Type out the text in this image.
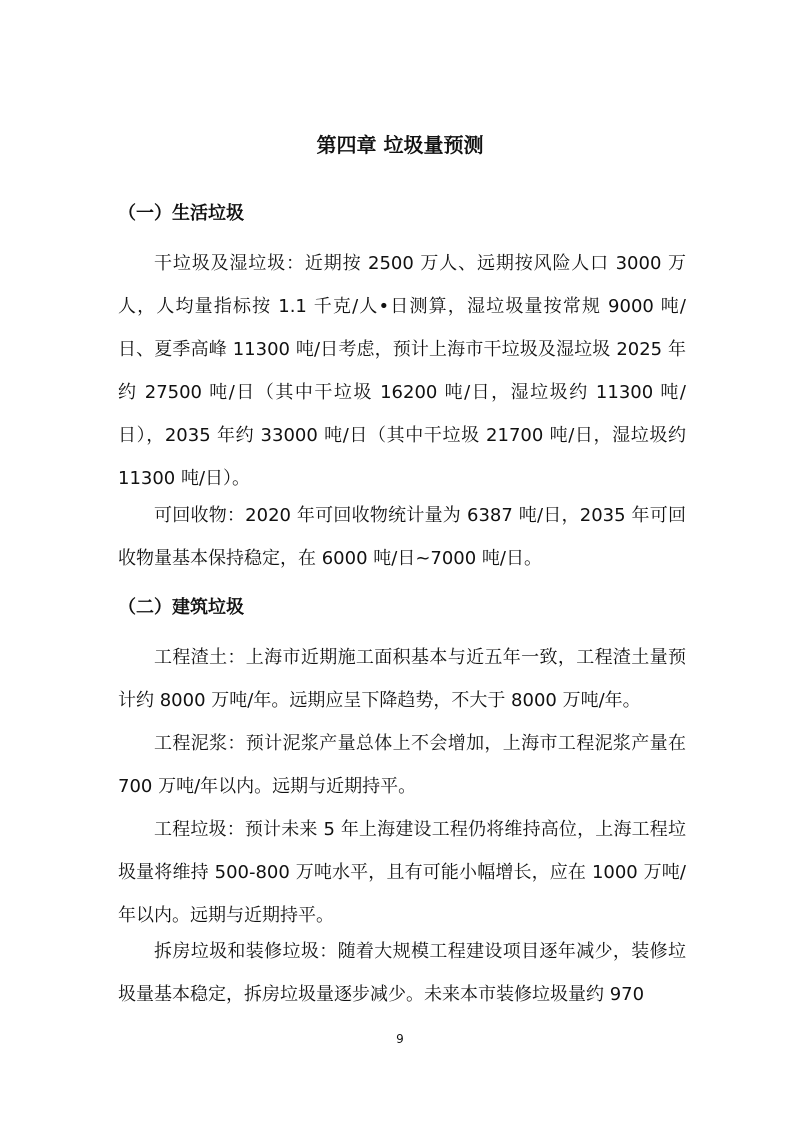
第四章 垃圾量预测
（一）生活垃圾

干垃圾及湿垃圾：近期按 2500 万人、远期按风险人口 3000 万人，人均量指标按 1.1 千克/人•日测算，湿垃圾量按常规 9000 吨/日、夏季高峰 11300 吨/日考虑，预计上海市干垃圾及湿垃圾 2025 年约 27500 吨/日（其中干垃圾 16200 吨/日，湿垃圾约 11300 吨/日），2035 年约 33000 吨/日（其中干垃圾 21700 吨/日，湿垃圾约 11300 吨/日）。

可回收物：2020 年可回收物统计量为 6387 吨/日，2035 年可回收物量基本保持稳定，在 6000 吨/日~7000 吨/日。

（二）建筑垃圾

工程渣土：上海市近期施工面积基本与近五年一致，工程渣土量预计约 8000 万吨/年。远期应呈下降趋势，不大于 8000 万吨/年。

工程泥浆：预计泥浆产量总体上不会增加，上海市工程泥浆产量在 700 万吨/年以内。远期与近期持平。

工程垃圾：预计未来 5 年上海建设工程仍将维持高位，上海工程垃圾量将维持 500-800 万吨水平，且有可能小幅增长，应在 1000 万吨/年以内。远期与近期持平。

拆房垃圾和装修垃圾：随着大规模工程建设项目逐年减少，装修垃圾量基本稳定，拆房垃圾量逐步减少。未来本市装修垃圾量约 970

9
